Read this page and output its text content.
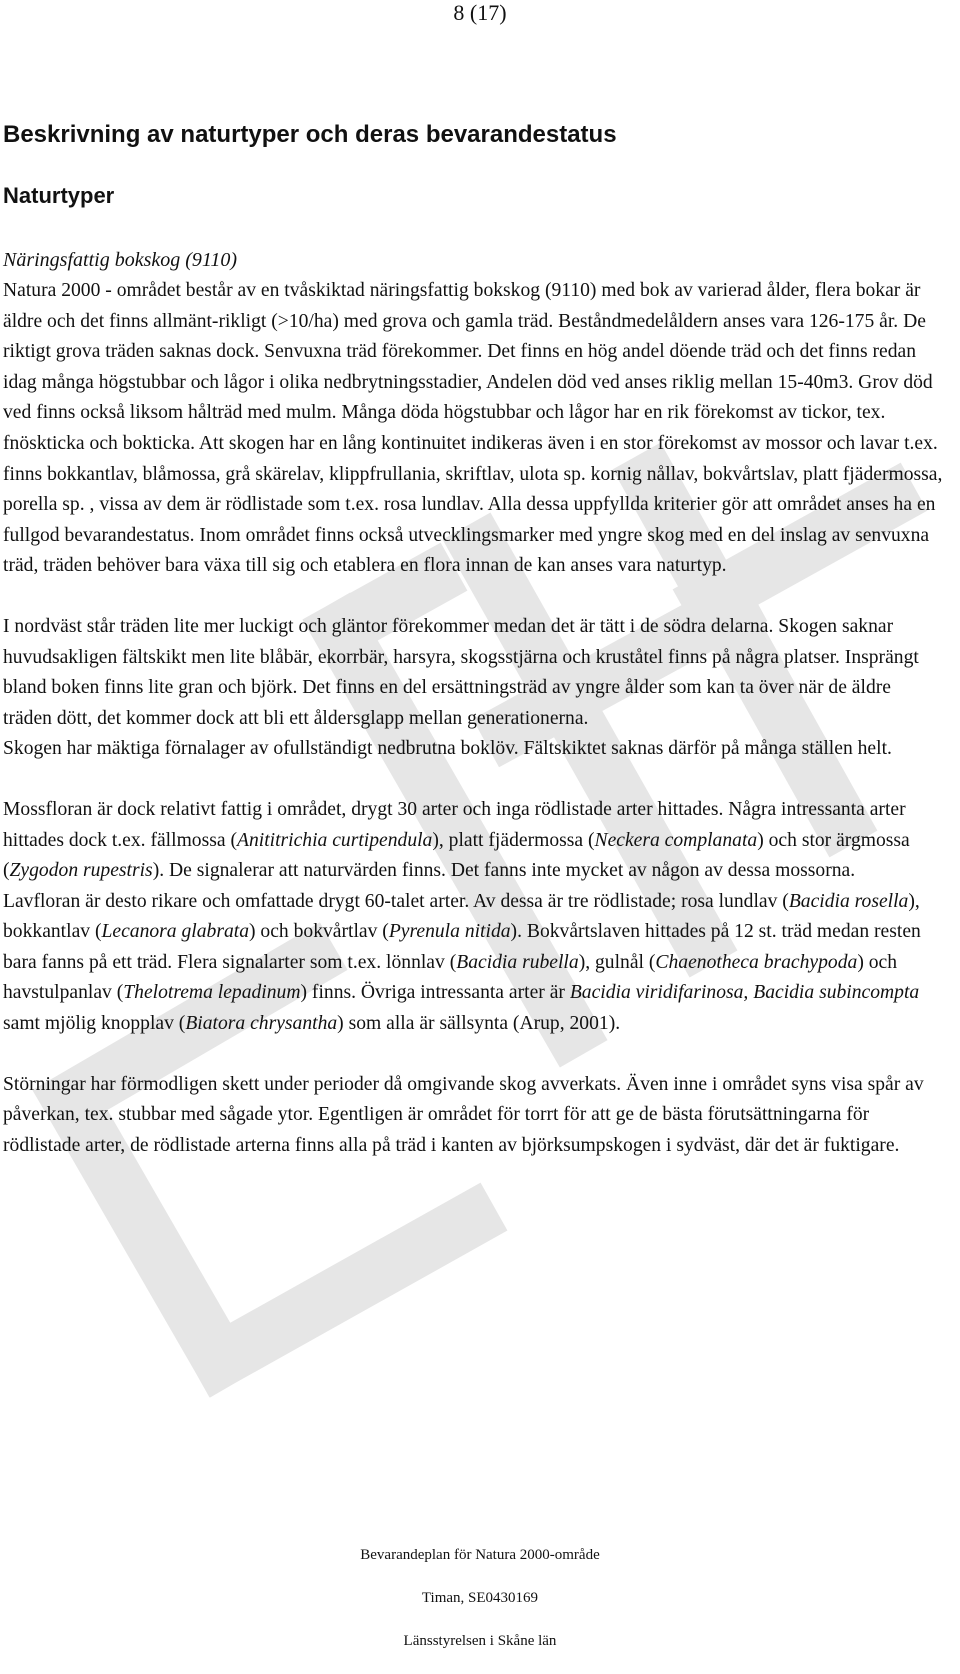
8 (17)
Beskrivning av naturtyper och deras bevarandestatus
Naturtyper
Näringsfattig bokskog (9110)

Natura 2000 - området består av en tvåskiktad näringsfattig bokskog (9110) med bok av varierad ålder, flera bokar är äldre och det finns allmänt-rikligt (>10/ha) med grova och gamla träd. Beståndmedelåldern anses vara 126-175 år. De riktigt grova träden saknas dock. Senvuxna träd förekommer. Det finns en hög andel döende träd och det finns redan idag många högstubbar och lågor i olika nedbrytningsstadier, Andelen död ved anses riklig mellan 15-40m3. Grov död ved finns också liksom hålträd med mulm. Många döda högstubbar och lågor har en rik förekomst av tickor, tex. fnöskticka och bokticka. Att skogen har en lång kontinuitet indikeras även i en stor förekomst av mossor och lavar t.ex. finns bokkantlav, blåmossa, grå skärelav, klippfrullania, skriftlav, ulota sp. kornig nållav, bokvårtslav, platt fjädermossa, porella sp. , vissa av dem är rödlistade som t.ex. rosa lundlav. Alla dessa uppfyllda kriterier gör att området anses ha en fullgod bevarandestatus. Inom området finns också utvecklingsmarker med yngre skog med en del inslag av senvuxna träd, träden behöver bara växa till sig och etablera en flora innan de kan anses vara naturtyp.

I nordväst står träden lite mer luckigt och gläntor förekommer medan det är tätt i de södra delarna. Skogen saknar huvudsakligen fältskikt men lite blåbär, ekorrbär, harsyra, skogsstjärna och kruståtel finns på några platser. Insprängt bland boken finns lite gran och björk. Det finns en del ersättningsträd av yngre ålder som kan ta över när de äldre träden dött, det kommer dock att bli ett åldersglapp mellan generationerna.

Skogen har mäktiga förnalager av ofullständigt nedbrutna boklöv. Fältskiktet saknas därför på många ställen helt.

Mossfloran är dock relativt fattig i området, drygt 30 arter och inga rödlistade arter hittades. Några intressanta arter hittades dock t.ex. fällmossa (Anititrichia curtipendula), platt fjädermossa (Neckera complanata) och stor ärgmossa (Zygodon rupestris). De signalerar att naturvärden finns. Det fanns inte mycket av någon av dessa mossorna.

Lavfloran är desto rikare och omfattade drygt 60-talet arter. Av dessa är tre rödlistade; rosa lundlav (Bacidia rosella), bokkantlav (Lecanora glabrata) och bokvårtlav (Pyrenula nitida). Bokvårtslaven hittades på 12 st. träd medan resten bara fanns på ett träd. Flera signalarter som t.ex. lönnlav (Bacidia rubella), gulnål (Chaenotheca brachypoda) och havstulpanlav (Thelotrema lepadinum) finns. Övriga intressanta arter är Bacidia viridifarinosa, Bacidia subincompta samt mjölig knopplav (Biatora chrysantha) som alla är sällsynta (Arup, 2001).

Störningar har förmodligen skett under perioder då omgivande skog avverkats. Även inne i området syns visa spår av påverkan, tex. stubbar med sågade ytor. Egentligen är området för torrt för att ge de bästa förutsättningarna för rödlistade arter, de rödlistade arterna finns alla på träd i kanten av björksumpskogen i sydväst, där det är fuktigare.

Bevarandeplan för Natura 2000-område
Timan, SE0430169
Länsstyrelsen i Skåne län
